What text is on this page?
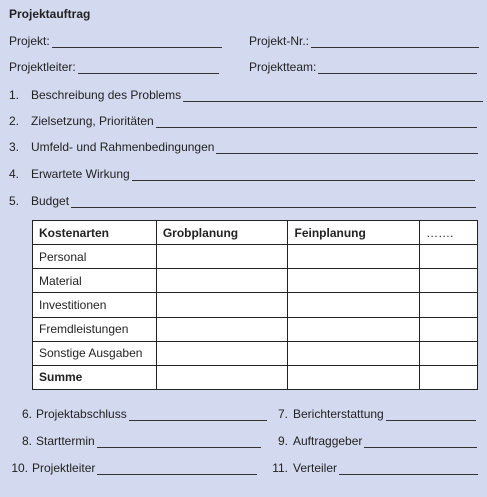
Projektauftrag
Projekt:	Projekt-Nr.:
Projektleiter:	Projektteam:
1. Beschreibung des Problems
2. Zielsetzung, Prioritäten
3. Umfeld- und Rahmenbedingungen
4. Erwartete Wirkung
5. Budget
Kostenarten	Grobplanung	Feinplanung	…….
Personal			
Material			
Investitionen			
Fremdleistungen			
Sonstige Ausgaben			
Summe			
6. Projektabschluss	7. Berichterstattung
8. Starttermin	9. Auftraggeber
10. Projektleiter	11. Verteiler
